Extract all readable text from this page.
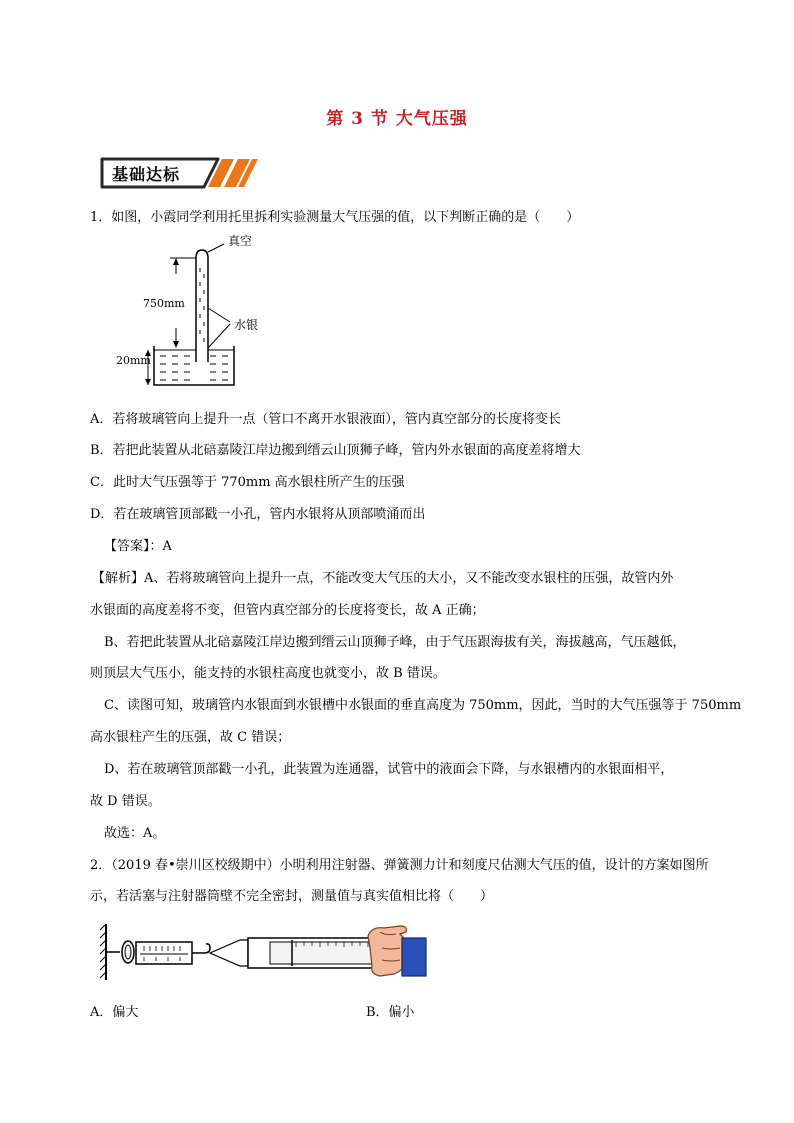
第 3 节 大气压强
基础达标
1．如图，小霞同学利用托里拆利实验测量大气压强的值，以下判断正确的是（　　）
真空
750mm
水银
20mm
A．若将玻璃管向上提升一点（管口不离开水银液面），管内真空部分的长度将变长
B．若把此装置从北碚嘉陵江岸边搬到缙云山顶狮子峰，管内外水银面的高度差将增大
C．此时大气压强等于 770mm 高水银柱所产生的压强
D．若在玻璃管顶部戳一小孔，管内水银将从顶部喷涌而出
【答案】：A
【解析】A、若将玻璃管向上提升一点，不能改变大气压的大小，又不能改变水银柱的压强，故管内外
水银面的高度差将不变，但管内真空部分的长度将变长，故 A 正确；
B、若把此装置从北碚嘉陵江岸边搬到缙云山顶狮子峰，由于气压跟海拔有关，海拔越高，气压越低，
则顶层大气压小，能支持的水银柱高度也就变小，故 B 错误。
C、读图可知，玻璃管内水银面到水银槽中水银面的垂直高度为 750mm，因此，当时的大气压强等于 750mm
高水银柱产生的压强，故 C 错误；
D、若在玻璃管顶部戳一小孔，此装置为连通器，试管中的液面会下降，与水银槽内的水银面相平，
故 D 错误。
故选：A。
2．（2019 春•崇川区校级期中）小明利用注射器、弹簧测力计和刻度尺估测大气压的值，设计的方案如图所
示，若活塞与注射器筒壁不完全密封，测量值与真实值相比将（　　）
A．偏大	B．偏小
